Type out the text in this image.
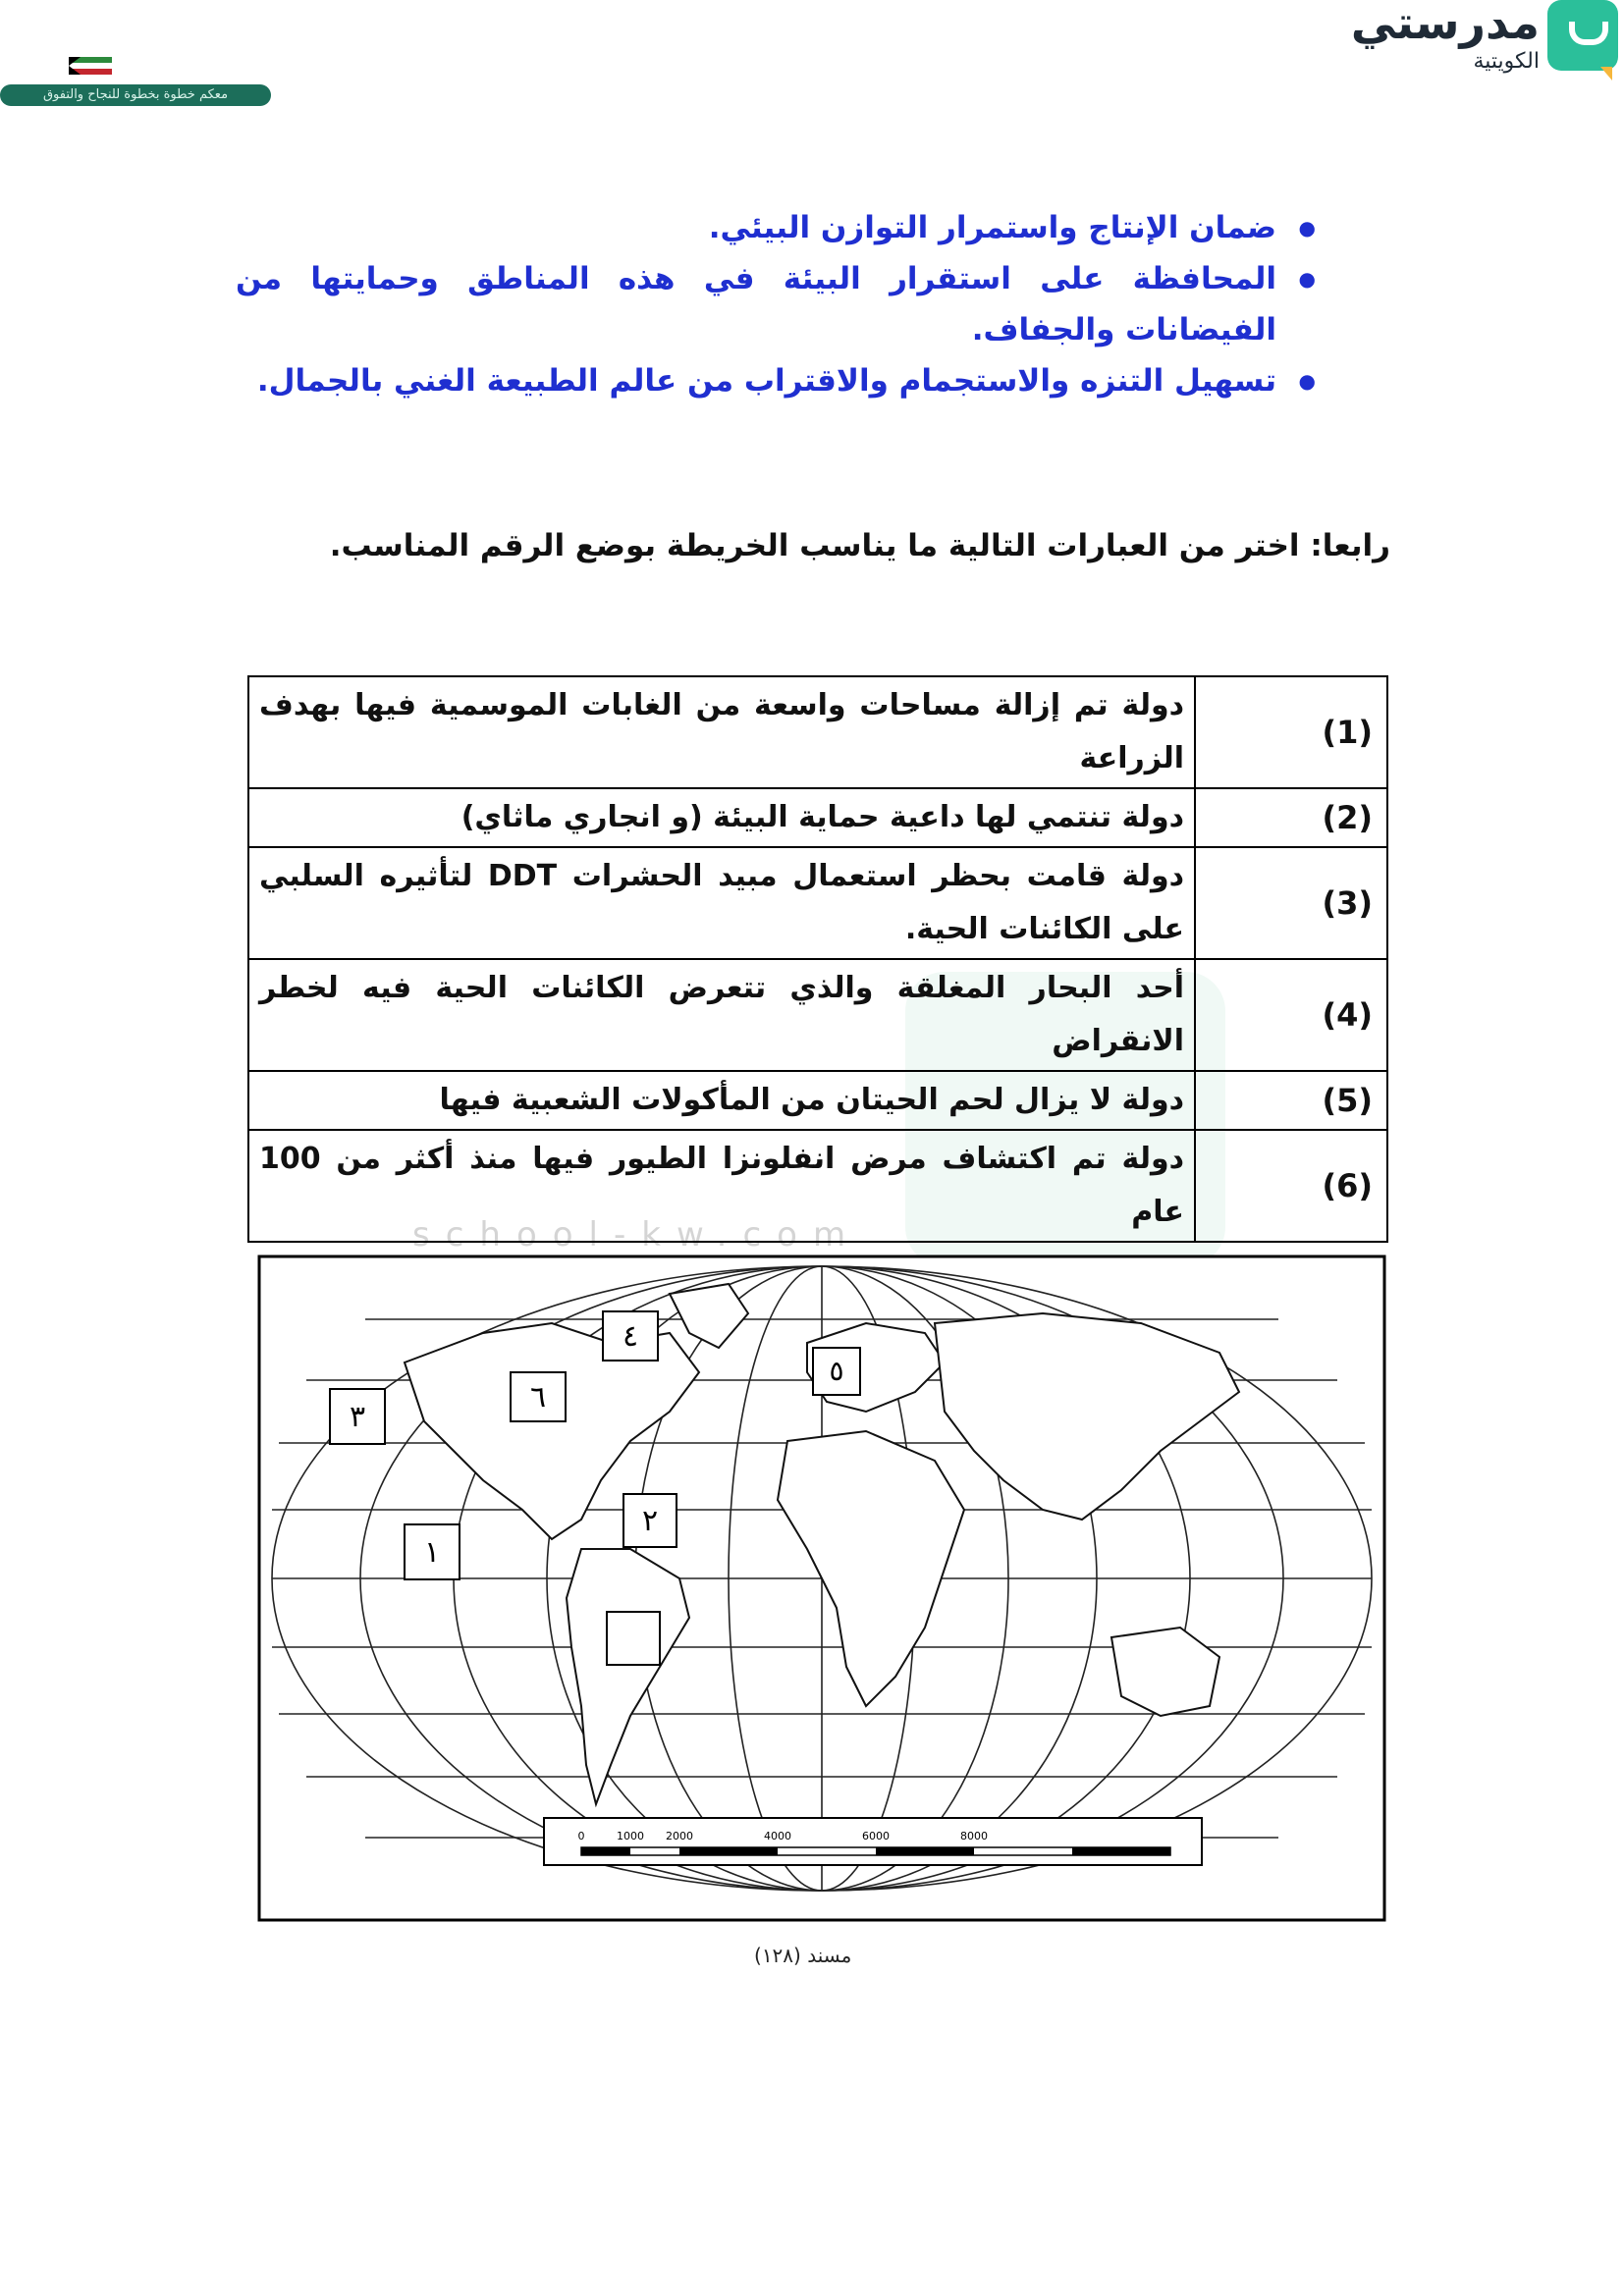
school-kw.com
مدرستي
الكويتية
معكم خطوة بخطوة للنجاح والتفوق
● ضمان الإنتاج واستمرار التوازن البيئي.
● المحافظة على استقرار البيئة في هذه المناطق وحمايتها من الفيضانات والجفاف.
● تسهيل التنزه والاستجمام والاقتراب من عالم الطبيعة الغني بالجمال.
رابعا: اختر من العبارات التالية ما يناسب الخريطة بوضع الرقم المناسب.
(1)	دولة تم إزالة مساحات واسعة من الغابات الموسمية فيها بهدف الزراعة
(2)	دولة تنتمي لها داعية حماية البيئة (و انجاري ماثاي)
(3)	دولة قامت بحظر استعمال مبيد الحشرات DDT لتأثيره السلبي على الكائنات الحية.
(4)	أحد البحار المغلقة والذي تتعرض الكائنات الحية فيه لخطر الانقراض
(5)	دولة لا يزال لحم الحيتان من المأكولات الشعبية فيها
(6)	دولة تم اكتشاف مرض انفلونزا الطيور فيها منذ أكثر من 100 عام
٣
١
٦
٤
٢
٥
0	1000 2000	4000	6000	8000
مسند (١٢٨)
